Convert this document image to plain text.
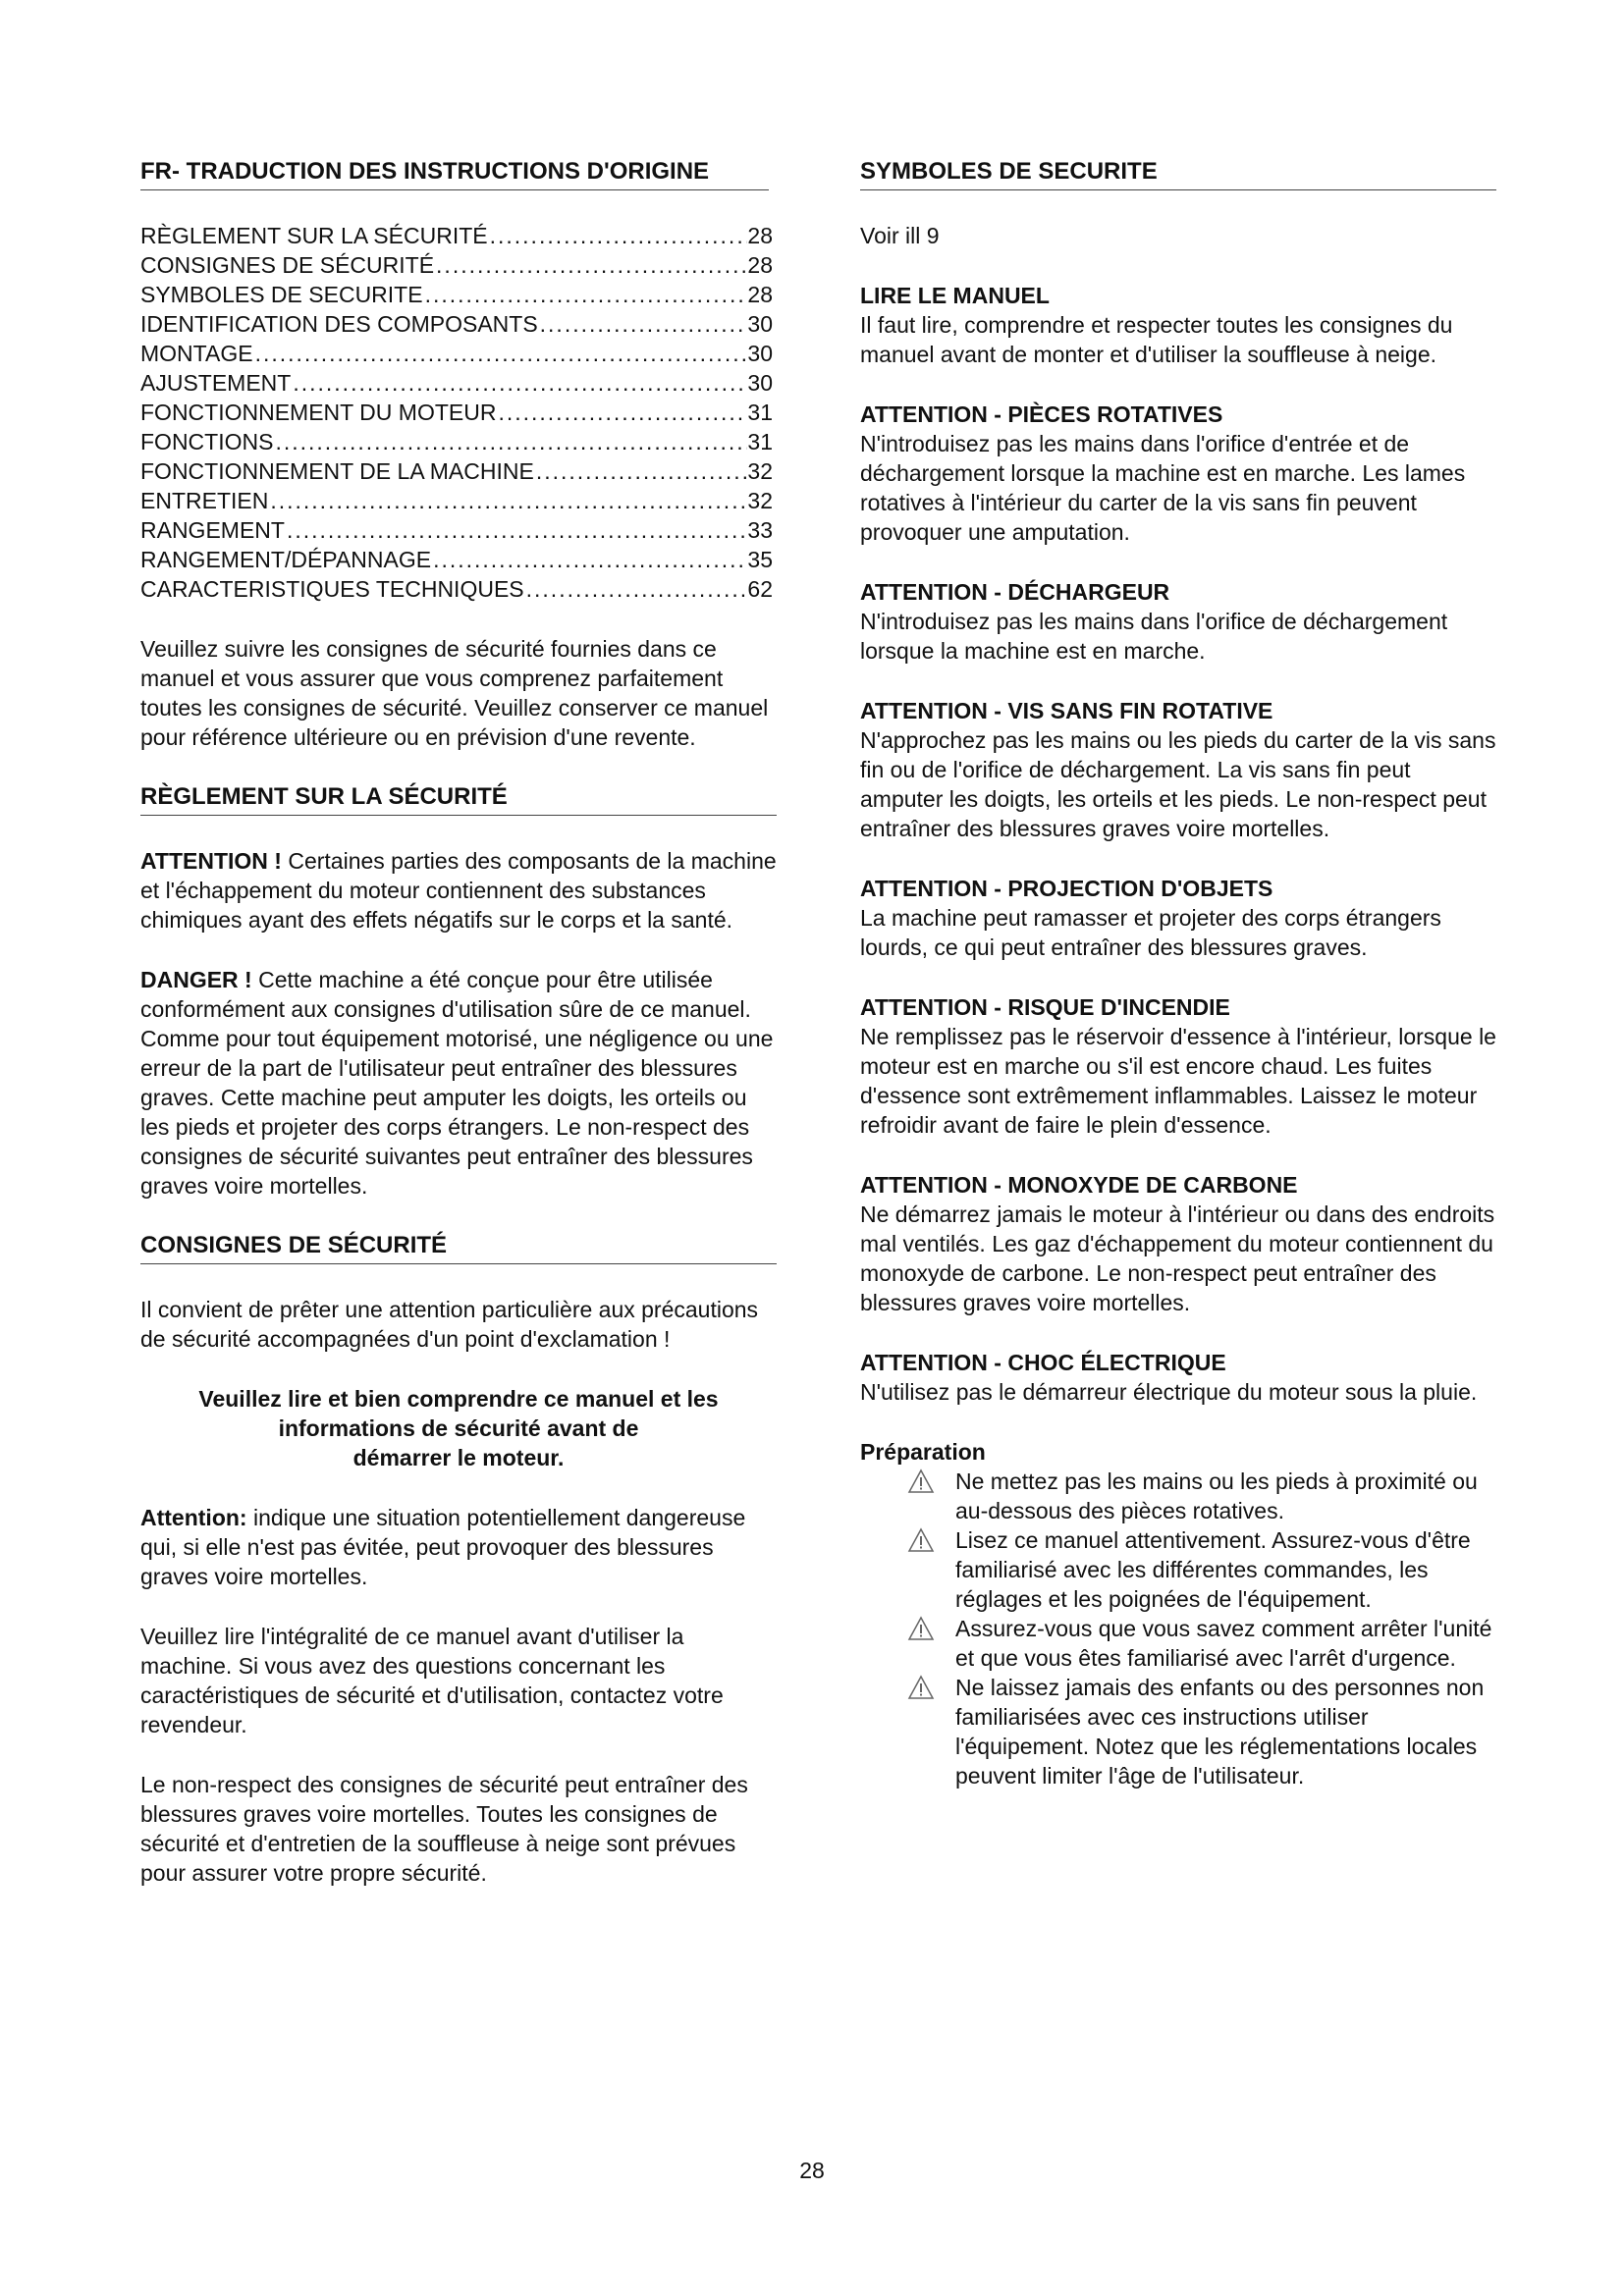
FR- TRADUCTION DES INSTRUCTIONS D'ORIGINE
RÈGLEMENT SUR LA SÉCURITÉ .....	28
CONSIGNES DE SÉCURITÉ .....	28
SYMBOLES DE SECURITE .....	28
IDENTIFICATION DES COMPOSANTS .....	30
MONTAGE .....	30
AJUSTEMENT .....	30
FONCTIONNEMENT DU MOTEUR .....	31
FONCTIONS .....	31
FONCTIONNEMENT DE LA MACHINE .....	32
ENTRETIEN .....	32
RANGEMENT .....	33
RANGEMENT/DÉPANNAGE .....	35
CARACTERISTIQUES TECHNIQUES .....	62

Veuillez suivre les consignes de sécurité fournies dans ce manuel et vous assurer que vous comprenez parfaitement toutes les consignes de sécurité. Veuillez conserver ce manuel pour référence ultérieure ou en prévision d'une revente.

RÈGLEMENT SUR LA SÉCURITÉ

ATTENTION ! Certaines parties des composants de la machine et l'échappement du moteur contiennent des substances chimiques ayant des effets négatifs sur le corps et la santé.

DANGER ! Cette machine a été conçue pour être utilisée conformément aux consignes d'utilisation sûre de ce manuel. Comme pour tout équipement motorisé, une négligence ou une erreur de la part de l'utilisateur peut entraîner des blessures graves. Cette machine peut amputer les doigts, les orteils ou les pieds et projeter des corps étrangers. Le non-respect des consignes de sécurité suivantes peut entraîner des blessures graves voire mortelles.

CONSIGNES DE SÉCURITÉ

Il convient de prêter une attention particulière aux précautions de sécurité accompagnées d'un point d'exclamation !

Veuillez lire et bien comprendre ce manuel et les
informations de sécurité avant de
démarrer le moteur.

Attention: indique une situation potentiellement dangereuse qui, si elle n'est pas évitée, peut provoquer des blessures graves voire mortelles.

Veuillez lire l'intégralité de ce manuel avant d'utiliser la machine. Si vous avez des questions concernant les caractéristiques de sécurité et d'utilisation, contactez votre revendeur.

Le non-respect des consignes de sécurité peut entraîner des blessures graves voire mortelles. Toutes les consignes de sécurité et d'entretien de la souffleuse à neige sont prévues pour assurer votre propre sécurité.

SYMBOLES DE SECURITE

Voir ill 9

LIRE LE MANUEL

Il faut lire, comprendre et respecter toutes les consignes du manuel avant de monter et d'utiliser la souffleuse à neige.

ATTENTION - PIÈCES ROTATIVES

N'introduisez pas les mains dans l'orifice d'entrée et de déchargement lorsque la machine est en marche. Les lames rotatives à l'intérieur du carter de la vis sans fin peuvent provoquer une amputation.

ATTENTION - DÉCHARGEUR

N'introduisez pas les mains dans l'orifice de déchargement lorsque la machine est en marche.

ATTENTION - VIS SANS FIN ROTATIVE

N'approchez pas les mains ou les pieds du carter de la vis sans fin ou de l'orifice de déchargement. La vis sans fin peut amputer les doigts, les orteils et les pieds. Le non-respect peut entraîner des blessures graves voire mortelles.

ATTENTION - PROJECTION D'OBJETS

La machine peut ramasser et projeter des corps étrangers lourds, ce qui peut entraîner des blessures graves.

ATTENTION - RISQUE D'INCENDIE

Ne remplissez pas le réservoir d'essence à l'intérieur, lorsque le moteur est en marche ou s'il est encore chaud. Les fuites d'essence sont extrêmement inflammables. Laissez le moteur refroidir avant de faire le plein d'essence.

ATTENTION - MONOXYDE DE CARBONE

Ne démarrez jamais le moteur à l'intérieur ou dans des endroits mal ventilés. Les gaz d'échappement du moteur contiennent du monoxyde de carbone. Le non-respect peut entraîner des blessures graves voire mortelles.

ATTENTION - CHOC ÉLECTRIQUE

N'utilisez pas le démarreur électrique du moteur sous la pluie.

Préparation
Ne mettez pas les mains ou les pieds à proximité ou au-dessous des pièces rotatives.
Lisez ce manuel attentivement. Assurez-vous d'être familiarisé avec les différentes commandes, les réglages et les poignées de l'équipement.
Assurez-vous que vous savez comment arrêter l'unité et que vous êtes familiarisé avec l'arrêt d'urgence.
Ne laissez jamais des enfants ou des personnes non familiarisées avec ces instructions utiliser l'équipement. Notez que les réglementations locales peuvent limiter l'âge de l'utilisateur.
28
